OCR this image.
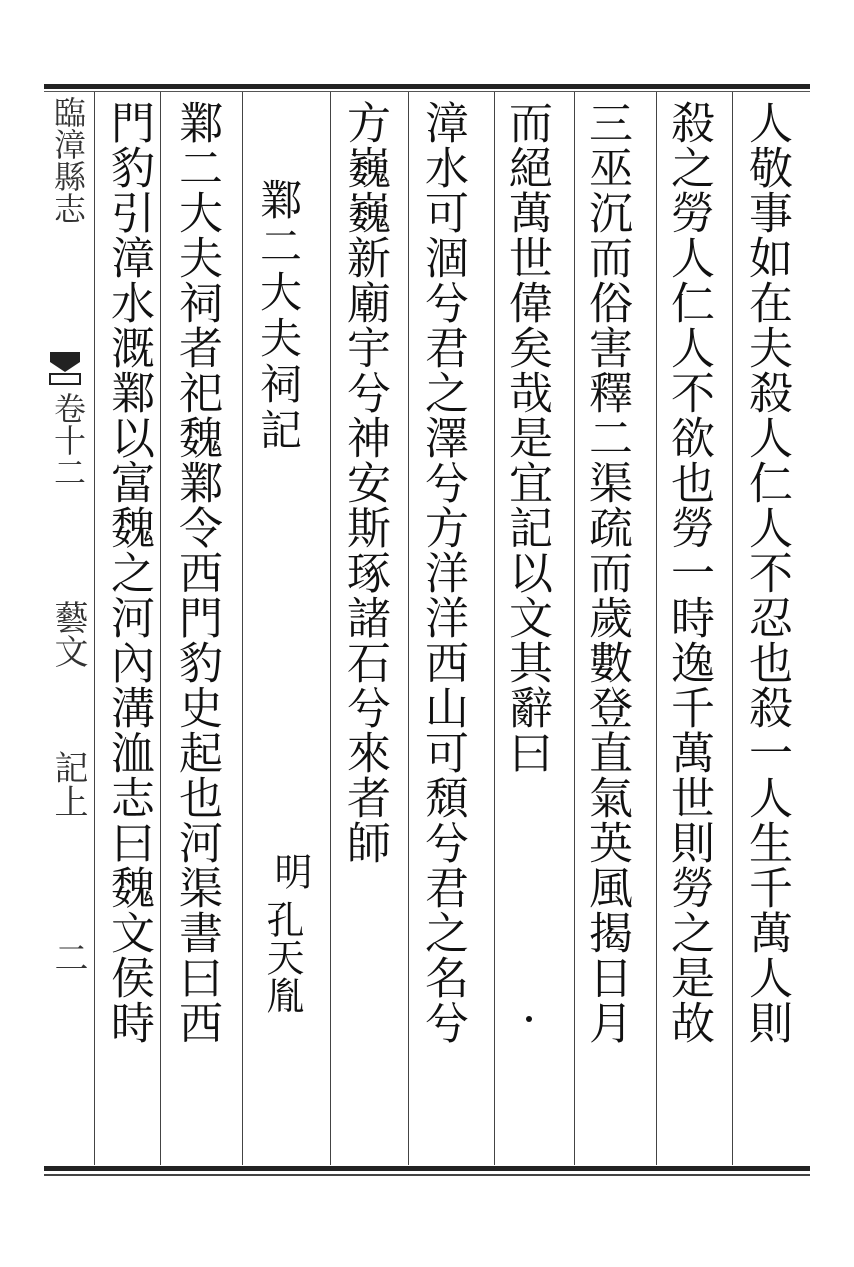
臨漳縣志
卷十二
藝文
記上
二	人敬事如在夫殺人仁人不忍也殺一人生千萬人則
殺之勞人仁人不欲也勞一時逸千萬世則勞之是故
三巫沉而俗害釋二渠疏而歲數登直氣英風揭日月
而絕萬世偉矣哉是宜記以文其辭曰
漳水可涸兮君之澤兮方洋洋西山可頹兮君之名兮
方巍巍新廟宇兮神安斯琢諸石兮來者師
鄴二大夫祠記
明
孔天胤
鄴二大夫祠者祀魏鄴令西門豹史起也河渠書曰西
門豹引漳水溉鄴以富魏之河內溝洫志曰魏文侯時
